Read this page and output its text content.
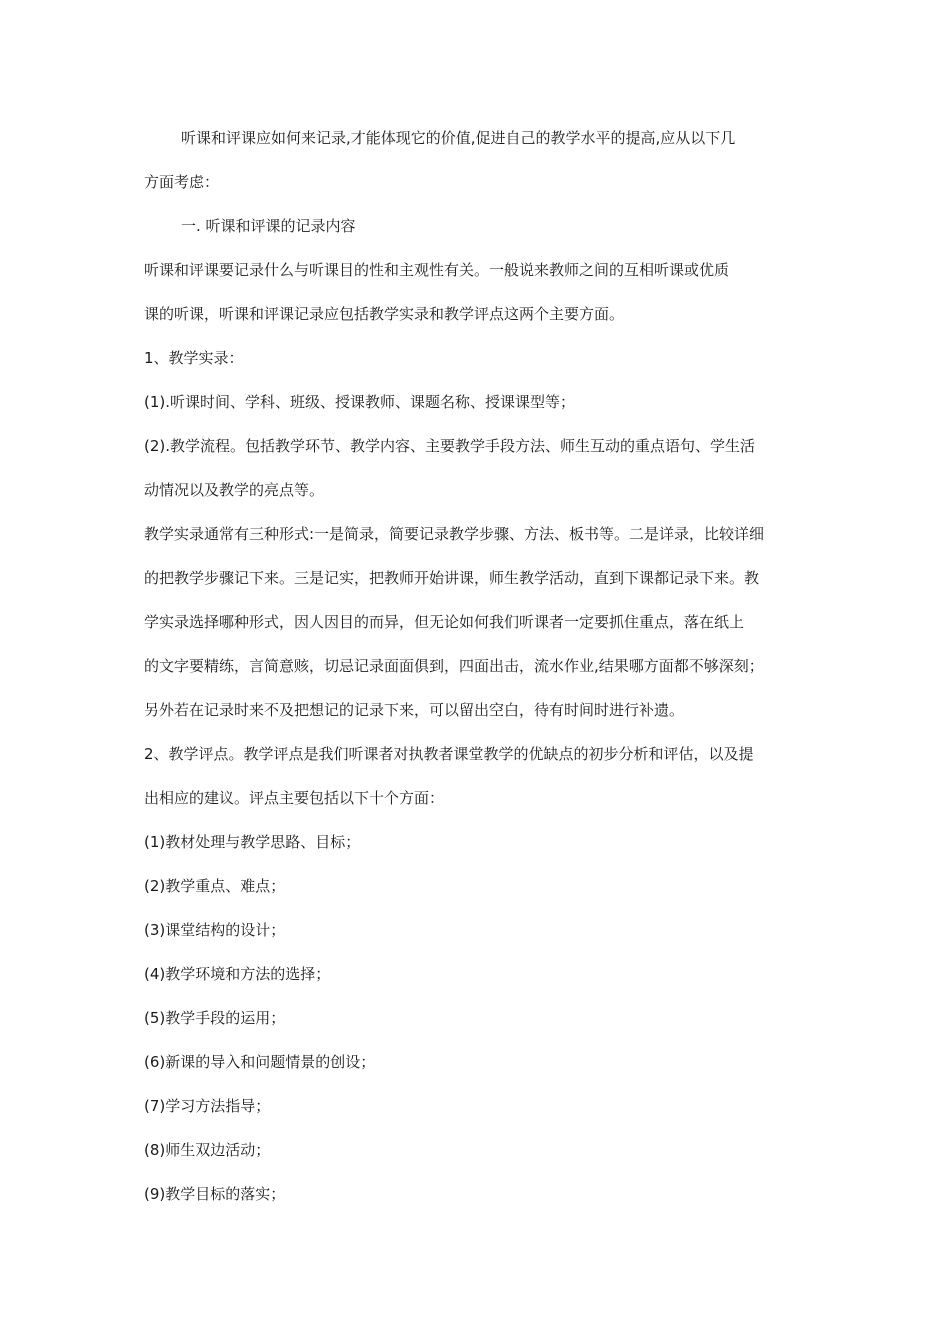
听课和评课应如何来记录,才能体现它的价值,促进自己的教学水平的提高,应从以下几
方面考虑：
一. 听课和评课的记录内容
听课和评课要记录什么与听课目的性和主观性有关。一般说来教师之间的互相听课或优质
课的听课，听课和评课记录应包括教学实录和教学评点这两个主要方面。
1、教学实录：
(1).听课时间、学科、班级、授课教师、课题名称、授课课型等；
(2).教学流程。包括教学环节、教学内容、主要教学手段方法、师生互动的重点语句、学生活
动情况以及教学的亮点等。
教学实录通常有三种形式:一是简录，简要记录教学步骤、方法、板书等。二是详录，比较详细
的把教学步骤记下来。三是记实，把教师开始讲课，师生教学活动，直到下课都记录下来。教
学实录选择哪种形式，因人因目的而异，但无论如何我们听课者一定要抓住重点，落在纸上
的文字要精练，言简意赅，切忌记录面面俱到，四面出击，流水作业,结果哪方面都不够深刻；
另外若在记录时来不及把想记的记录下来，可以留出空白，待有时间时进行补遗。
2、教学评点。教学评点是我们听课者对执教者课堂教学的优缺点的初步分析和评估，以及提
出相应的建议。评点主要包括以下十个方面：
(1)教材处理与教学思路、目标；
(2)教学重点、难点；
(3)课堂结构的设计；
(4)教学环境和方法的选择；
(5)教学手段的运用；
(6)新课的导入和问题情景的创设；
(7)学习方法指导；
(8)师生双边活动；
(9)教学目标的落实；
